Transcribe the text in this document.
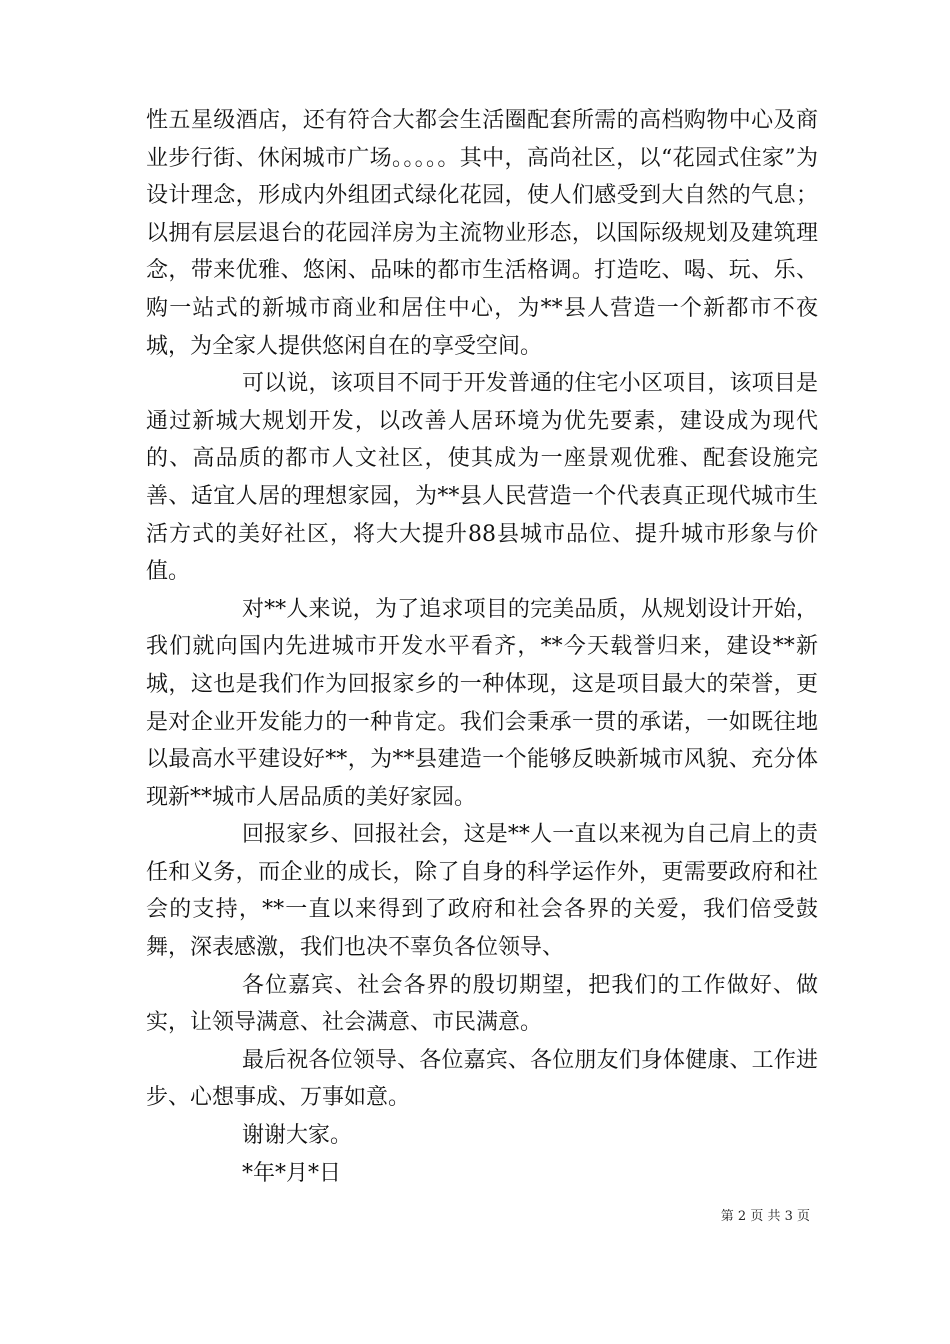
性五星级酒店，还有符合大都会生活圈配套所需的高档购物中心及商业步行街、休闲城市广场。。。。。其中，高尚社区，以“花园式住家”为设计理念，形成内外组团式绿化花园，使人们感受到大自然的气息；以拥有层层退台的花园洋房为主流物业形态，以国际级规划及建筑理念，带来优雅、悠闲、品味的都市生活格调。打造吃、喝、玩、乐、购一站式的新城市商业和居住中心，为**县人营造一个新都市不夜城，为全家人提供悠闲自在的享受空间。

可以说，该项目不同于开发普通的住宅小区项目，该项目是通过新城大规划开发，以改善人居环境为优先要素，建设成为现代的、高品质的都市人文社区，使其成为一座景观优雅、配套设施完善、适宜人居的理想家园，为**县人民营造一个代表真正现代城市生活方式的美好社区，将大大提升88县城市品位、提升城市形象与价值。

对**人来说，为了追求项目的完美品质，从规划设计开始，我们就向国内先进城市开发水平看齐，**今天载誉归来，建设**新城，这也是我们作为回报家乡的一种体现，这是项目最大的荣誉，更是对企业开发能力的一种肯定。我们会秉承一贯的承诺，一如既往地以最高水平建设好**，为**县建造一个能够反映新城市风貌、充分体现新**城市人居品质的美好家园。

回报家乡、回报社会，这是**人一直以来视为自己肩上的责任和义务，而企业的成长，除了自身的科学运作外，更需要政府和社会的支持，**一直以来得到了政府和社会各界的关爱，我们倍受鼓舞，深表感激，我们也决不辜负各位领导、

各位嘉宾、社会各界的殷切期望，把我们的工作做好、做实，让领导满意、社会满意、市民满意。

最后祝各位领导、各位嘉宾、各位朋友们身体健康、工作进步、心想事成、万事如意。

谢谢大家。

*年*月*日

第 2 页 共 3 页
